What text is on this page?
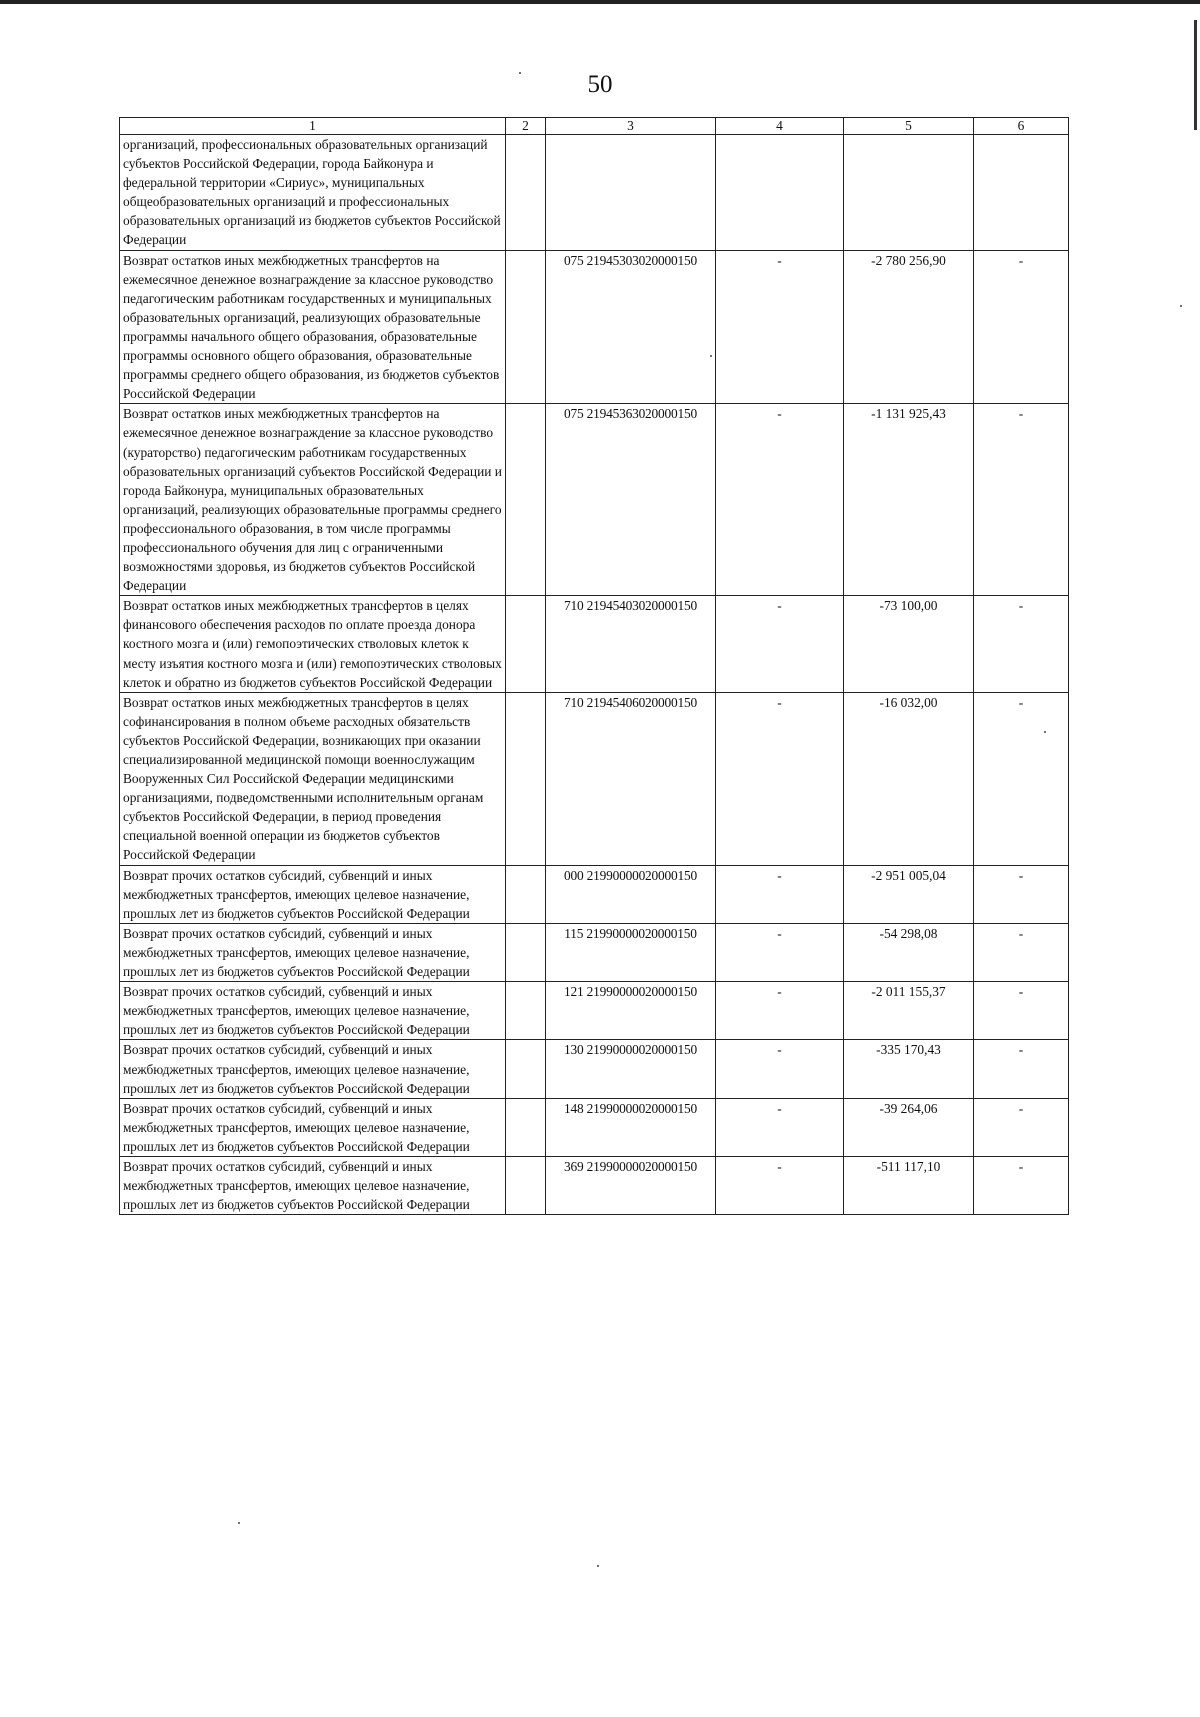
50
1	2	3	4	5	6
организаций, профессиональных образовательных организаций субъектов Российской Федерации, города Байконура и федеральной территории «Сириус», муниципальных общеобразовательных организаций и профессиональных образовательных организаций из бюджетов субъектов Российской Федерации					
Возврат остатков иных межбюджетных трансфертов на ежемесячное денежное вознаграждение за классное руководство педагогическим работникам государственных и муниципальных образовательных организаций, реализующих образовательные программы начального общего образования, образовательные программы основного общего образования, образовательные программы среднего общего образования, из бюджетов субъектов Российской Федерации		075 21945303020000150	-	-2 780 256,90	-
Возврат остатков иных межбюджетных трансфертов на ежемесячное денежное вознаграждение за классное руководство (кураторство) педагогическим работникам государственных образовательных организаций субъектов Российской Федерации и города Байконура, муниципальных образовательных организаций, реализующих образовательные программы среднего профессионального образования, в том числе программы профессионального обучения для лиц с ограниченными возможностями здоровья, из бюджетов субъектов Российской Федерации		075 21945363020000150	-	-1 131 925,43	-
Возврат остатков иных межбюджетных трансфертов в целях финансового обеспечения расходов по оплате проезда донора костного мозга и (или) гемопоэтических стволовых клеток к месту изъятия костного мозга и (или) гемопоэтических стволовых клеток и обратно из бюджетов субъектов Российской Федерации		710 21945403020000150	-	-73 100,00	-
Возврат остатков иных межбюджетных трансфертов в целях софинансирования в полном объеме расходных обязательств субъектов Российской Федерации, возникающих при оказании специализированной медицинской помощи военнослужащим Вооруженных Сил Российской Федерации медицинскими организациями, подведомственными исполнительным органам субъектов Российской Федерации, в период проведения специальной военной операции из бюджетов субъектов Российской Федерации		710 21945406020000150	-	-16 032,00	-
Возврат прочих остатков субсидий, субвенций и иных межбюджетных трансфертов, имеющих целевое назначение, прошлых лет из бюджетов субъектов Российской Федерации		000 21990000020000150	-	-2 951 005,04	-
Возврат прочих остатков субсидий, субвенций и иных межбюджетных трансфертов, имеющих целевое назначение, прошлых лет из бюджетов субъектов Российской Федерации		115 21990000020000150	-	-54 298,08	-
Возврат прочих остатков субсидий, субвенций и иных межбюджетных трансфертов, имеющих целевое назначение, прошлых лет из бюджетов субъектов Российской Федерации		121 21990000020000150	-	-2 011 155,37	-
Возврат прочих остатков субсидий, субвенций и иных межбюджетных трансфертов, имеющих целевое назначение, прошлых лет из бюджетов субъектов Российской Федерации		130 21990000020000150	-	-335 170,43	-
Возврат прочих остатков субсидий, субвенций и иных межбюджетных трансфертов, имеющих целевое назначение, прошлых лет из бюджетов субъектов Российской Федерации		148 21990000020000150	-	-39 264,06	-
Возврат прочих остатков субсидий, субвенций и иных межбюджетных трансфертов, имеющих целевое назначение, прошлых лет из бюджетов субъектов Российской Федерации		369 21990000020000150	-	-511 117,10	-
